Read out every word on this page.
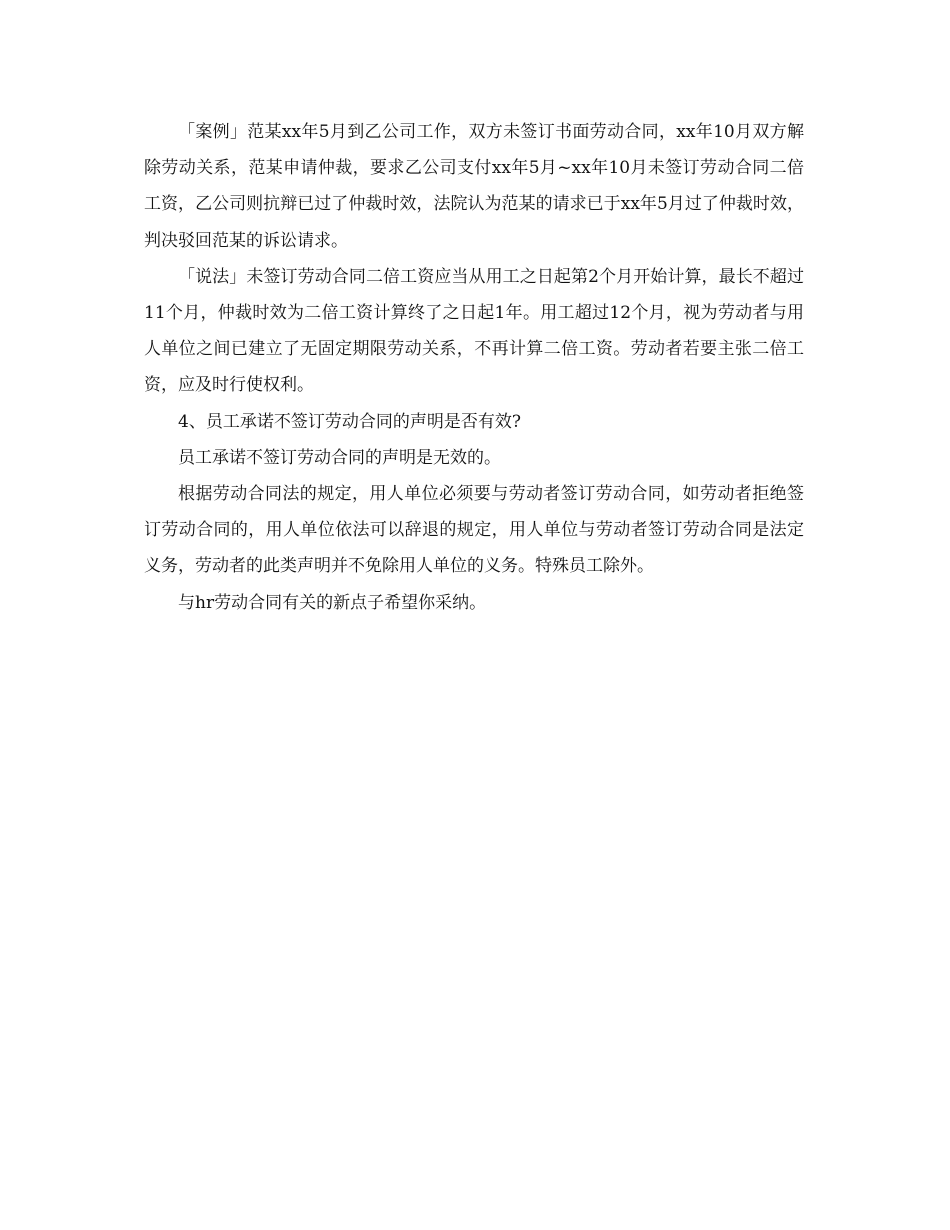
「案例」范某xx年5月到乙公司工作，双方未签订书面劳动合同，xx年10月双方解除劳动关系，范某申请仲裁，要求乙公司支付xx年5月~xx年10月未签订劳动合同二倍工资，乙公司则抗辩已过了仲裁时效，法院认为范某的请求已于xx年5月过了仲裁时效，判决驳回范某的诉讼请求。

「说法」未签订劳动合同二倍工资应当从用工之日起第2个月开始计算，最长不超过11个月，仲裁时效为二倍工资计算终了之日起1年。用工超过12个月，视为劳动者与用人单位之间已建立了无固定期限劳动关系，不再计算二倍工资。劳动者若要主张二倍工资，应及时行使权利。

4、员工承诺不签订劳动合同的声明是否有效?

员工承诺不签订劳动合同的声明是无效的。

根据劳动合同法的规定，用人单位必须要与劳动者签订劳动合同，如劳动者拒绝签订劳动合同的，用人单位依法可以辞退的规定，用人单位与劳动者签订劳动合同是法定义务，劳动者的此类声明并不免除用人单位的义务。特殊员工除外。

与hr劳动合同有关的新点子希望你采纳。
